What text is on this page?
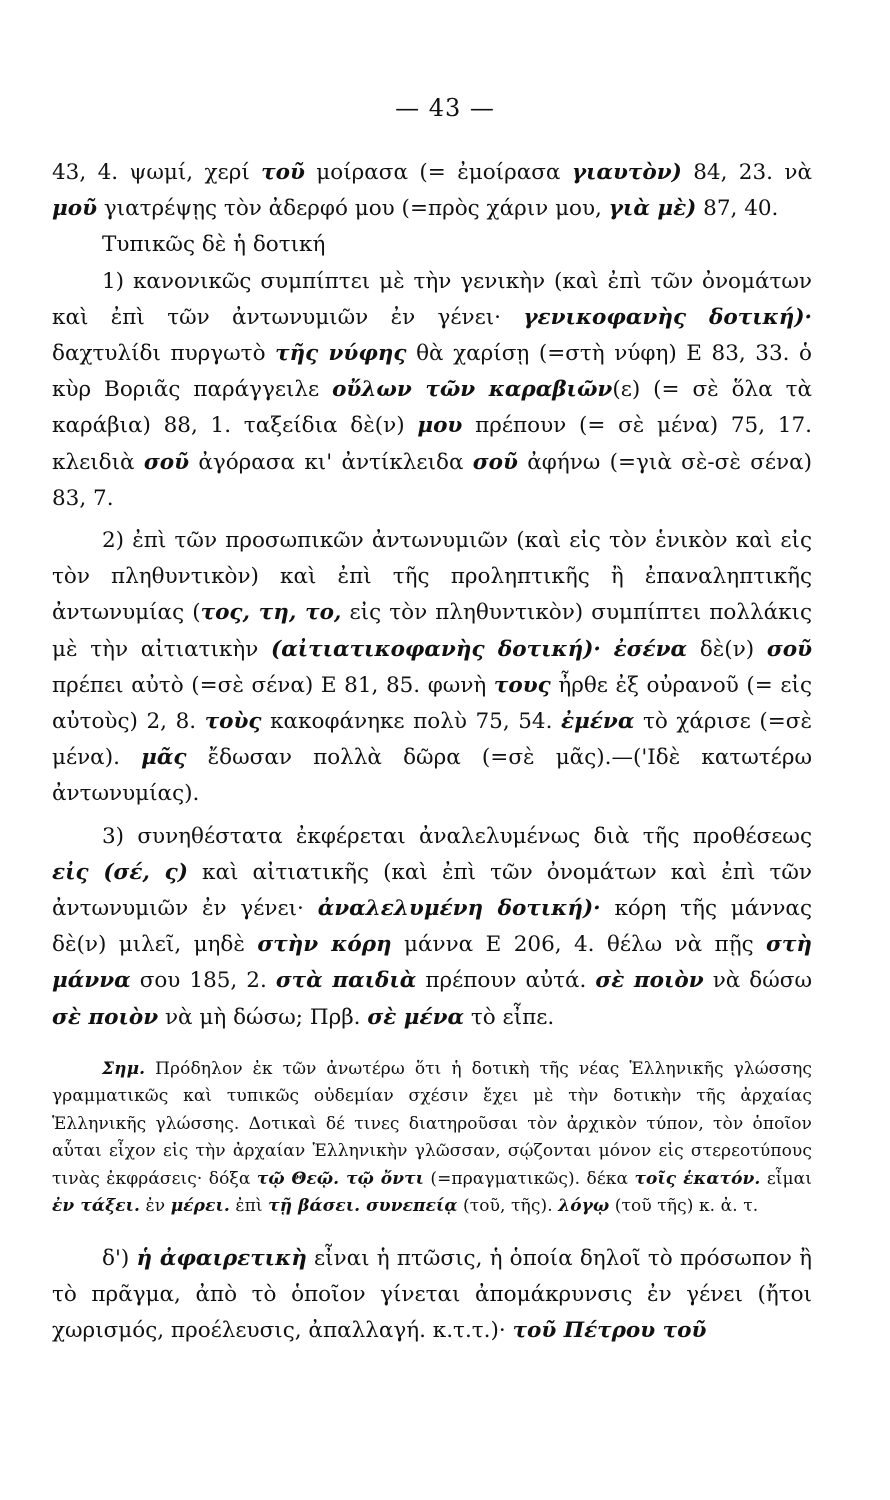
— 43 —

43, 4. ψωμί, χερί τοῦ μοίρασα (= ἐμοίρασα γιαυτὸν) 84, 23. νὰ μοῦ γιατρέψῃς τὸν ἀδερφό μου (=πρὸς χάριν μου, γιὰ μὲ) 87, 40.

Τυπικῶς δὲ ἡ δοτική

1) κανονικῶς συμπίπτει μὲ τὴν γενικὴν (καὶ ἐπὶ τῶν ὀνομάτων καὶ ἐπὶ τῶν ἀντωνυμιῶν ἐν γένει· γενικοφανὴς δοτική)· δαχτυλίδι πυργωτὸ τῆς νύφης θὰ χαρίσῃ (=στὴ νύφη) Ε 83, 33. ὁ κὺρ Βοριᾶς παράγγειλε οὔλων τῶν καραβιῶν(ε) (= σὲ ὅλα τὰ καράβια) 88, 1. ταξείδια δὲ(ν) μου πρέπουν (= σὲ μένα) 75, 17. κλειδιὰ σοῦ ἀγόρασα κι' ἀντίκλειδα σοῦ ἀφήνω (=γιὰ σὲ-σὲ σένα) 83, 7.

2) ἐπὶ τῶν προσωπικῶν ἀντωνυμιῶν (καὶ εἰς τὸν ἑνικὸν καὶ εἰς τὸν πληθυντικὸν) καὶ ἐπὶ τῆς προληπτικῆς ἢ ἐπαναληπτικῆς ἀντωνυμίας (τος, τη, το, εἰς τὸν πληθυντικὸν) συμπίπτει πολλάκις μὲ τὴν αἰτιατικὴν (αἰτιατικοφανὴς δοτική)· ἐσένα δὲ(ν) σοῦ πρέπει αὐτὸ (=σὲ σένα) Ε 81, 85. φωνὴ τους ἦρθε ἐξ οὐρανοῦ (= εἰς αὐτοὺς) 2, 8. τοὺς κακοφάνηκε πολὺ 75, 54. ἐμένα τὸ χάρισε (=σὲ μένα). μᾶς ἔδωσαν πολλὰ δῶρα (=σὲ μᾶς).—('Ιδὲ κατωτέρω ἀντωνυμίας).

3) συνηθέστατα ἐκφέρεται ἀναλελυμένως διὰ τῆς προθέσεως εἰς (σέ, ς) καὶ αἰτιατικῆς (καὶ ἐπὶ τῶν ὀνομάτων καὶ ἐπὶ τῶν ἀντωνυμιῶν ἐν γένει· ἀναλελυμένη δοτική)· κόρη τῆς μάννας δὲ(ν) μιλεῖ, μηδὲ στὴν κόρη μάννα Ε 206, 4. θέλω νὰ πῇς στὴ μάννα σου 185, 2. στὰ παιδιὰ πρέπουν αὐτά. σὲ ποιὸν νὰ δώσω σὲ ποιὸν νὰ μὴ δώσω; Πρβ. σὲ μένα τὸ εἶπε.

Σημ. Πρόδηλον ἐκ τῶν ἀνωτέρω ὅτι ἡ δοτικὴ τῆς νέας Ἑλληνικῆς γλώσσης γραμματικῶς καὶ τυπικῶς οὐδεμίαν σχέσιν ἔχει μὲ τὴν δοτικὴν τῆς ἀρχαίας Ἑλληνικῆς γλώσσης. Δοτικαὶ δέ τινες διατηροῦσαι τὸν ἀρχικὸν τύπον, τὸν ὁποῖον αὗται εἶχον εἰς τὴν ἀρχαίαν Ἑλληνικὴν γλῶσσαν, σῴζονται μόνον εἰς στερεοτύπους τινὰς ἐκφράσεις· δόξα τῷ Θεῷ. τῷ ὄντι (=πραγματικῶς). δέκα τοῖς ἑκατόν. εἶμαι ἐν τάξει. ἐν μέρει. ἐπὶ τῇ βάσει. συνεπείᾳ (τοῦ, τῆς). λόγῳ (τοῦ τῆς) κ. ἀ. τ.

δ') ἡ ἀφαιρετικὴ εἶναι ἡ πτῶσις, ἡ ὁποία δηλοῖ τὸ πρόσωπον ἢ τὸ πρᾶγμα, ἀπὸ τὸ ὁποῖον γίνεται ἀπομάκρυνσις ἐν γένει (ἤτοι χωρισμός, προέλευσις, ἀπαλλαγή. κ.τ.τ.)· τοῦ Πέτρου τοῦ
